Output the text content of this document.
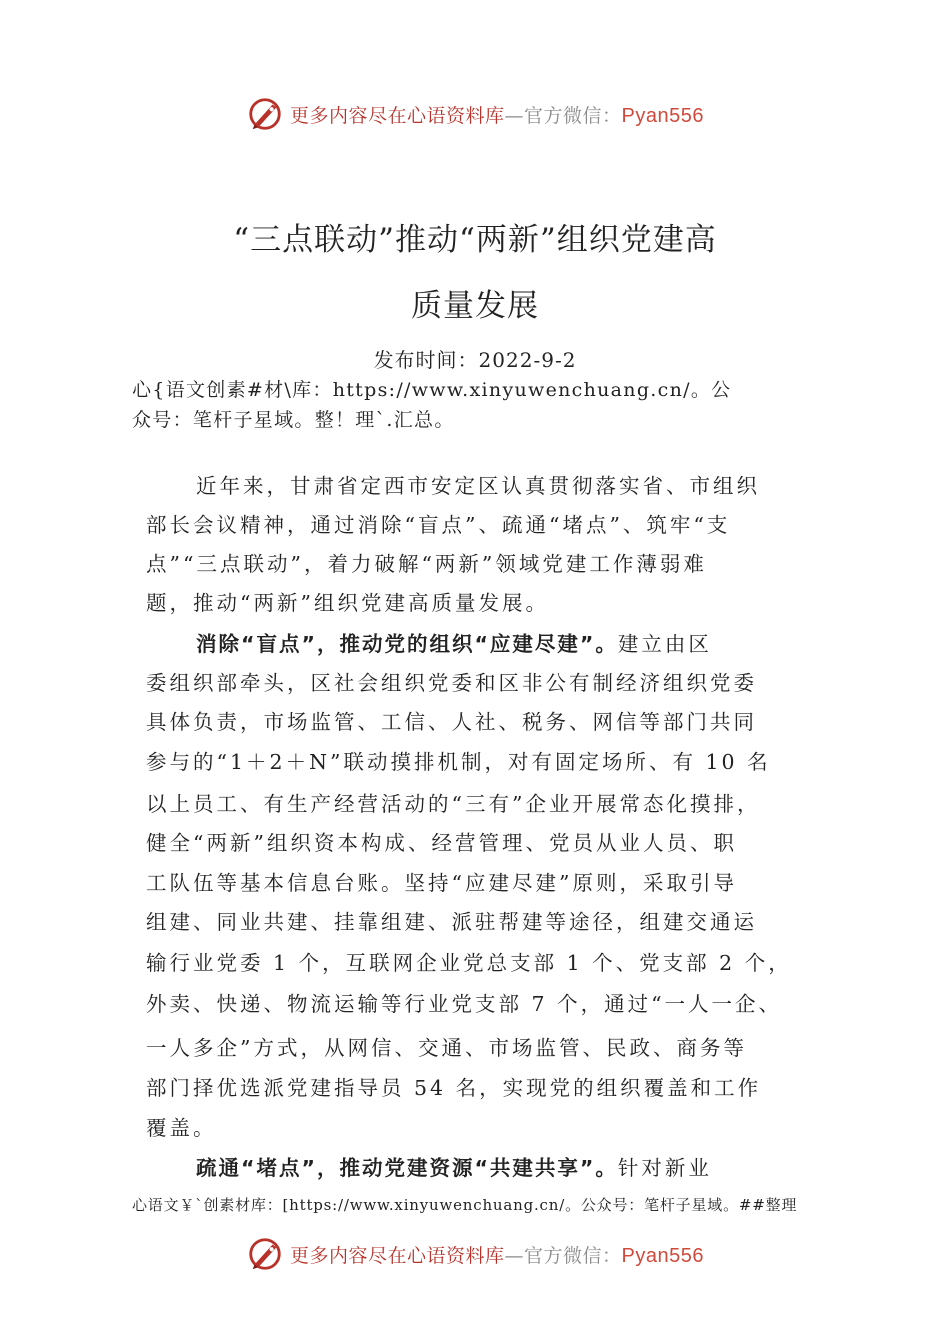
更多内容尽在心语资料库—官方微信：Pyan556
“三点联动”推动“两新”组织党建高
质量发展
发布时间：2022-9-2
心{语文创素#材\库：https://www.xinyuwenchuang.cn/。公
众号：笔杆子星域。整！理`.汇总。
近年来，甘肃省定西市安定区认真贯彻落实省、市组织
部长会议精神，通过消除“盲点”、疏通“堵点”、筑牢“支
点”“三点联动”，着力破解“两新”领域党建工作薄弱难
题，推动“两新”组织党建高质量发展。
消除“盲点”，推动党的组织“应建尽建”。建立由区
委组织部牵头，区社会组织党委和区非公有制经济组织党委
具体负责，市场监管、工信、人社、税务、网信等部门共同
参与的“1＋2＋N”联动摸排机制，对有固定场所、有 10 名
以上员工、有生产经营活动的“三有”企业开展常态化摸排，
健全“两新”组织资本构成、经营管理、党员从业人员、职
工队伍等基本信息台账。坚持“应建尽建”原则，采取引导
组建、同业共建、挂靠组建、派驻帮建等途径，组建交通运
输行业党委 1 个，互联网企业党总支部 1 个、党支部 2 个，
外卖、快递、物流运输等行业党支部 7 个，通过“一人一企、
一人多企”方式，从网信、交通、市场监管、民政、商务等
部门择优选派党建指导员 54 名，实现党的组织覆盖和工作
覆盖。
疏通“堵点”，推动党建资源“共建共享”。针对新业
心语文￥`创素材库：[https://www.xinyuwenchuang.cn/。公众号：笔杆子星域。##整理
更多内容尽在心语资料库—官方微信：Pyan556
